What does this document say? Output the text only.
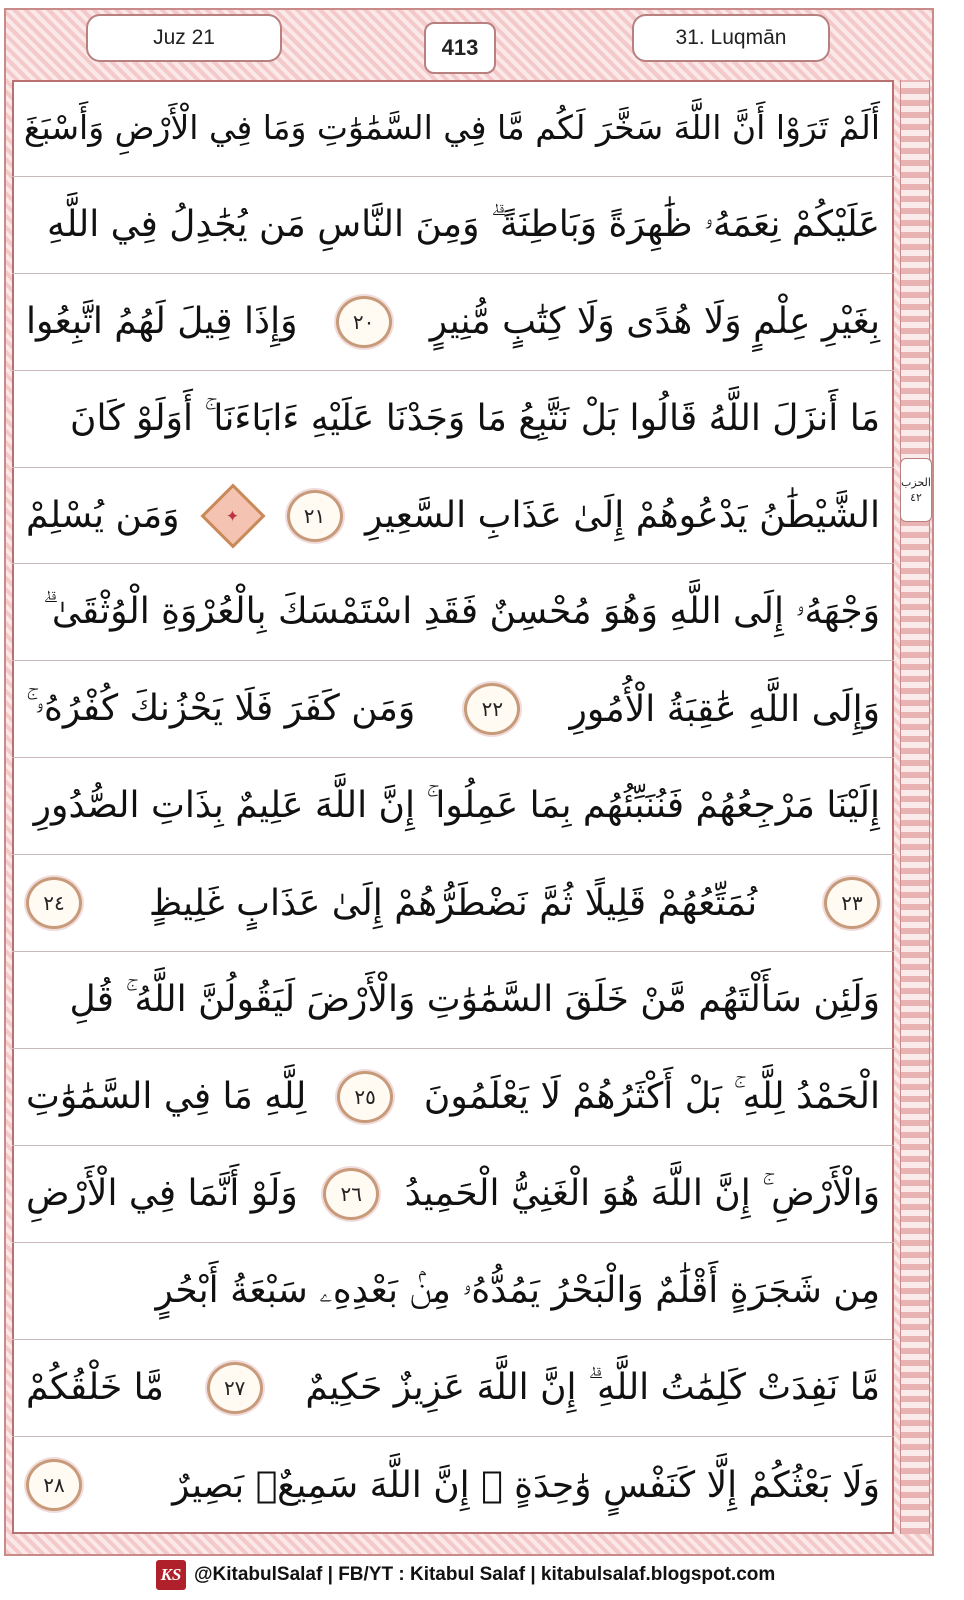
Juz 21	413	31. Luqmān
الحزب
٤٢
أَلَمْ تَرَوْا أَنَّ اللَّهَ سَخَّرَ لَكُم مَّا فِي السَّمَٰوَٰتِ وَمَا فِي الْأَرْضِ وَأَسْبَغَ
عَلَيْكُمْ نِعَمَهُۥ ظَٰهِرَةً وَبَاطِنَةً ۗ وَمِنَ النَّاسِ مَن يُجَٰدِلُ فِي اللَّهِ
بِغَيْرِ عِلْمٍ وَلَا هُدًى وَلَا كِتَٰبٍ مُّنِيرٍ
٢٠
وَإِذَا قِيلَ لَهُمُ اتَّبِعُوا
مَا أَنزَلَ اللَّهُ قَالُوا بَلْ نَتَّبِعُ مَا وَجَدْنَا عَلَيْهِ ءَابَاءَنَا ۚ أَوَلَوْ كَانَ
الشَّيْطَٰنُ يَدْعُوهُمْ إِلَىٰ عَذَابِ السَّعِيرِ
٢١
✦
وَمَن يُسْلِمْ
وَجْهَهُۥ إِلَى اللَّهِ وَهُوَ مُحْسِنٌ فَقَدِ اسْتَمْسَكَ بِالْعُرْوَةِ الْوُثْقَىٰ ۗ
وَإِلَى اللَّهِ عَٰقِبَةُ الْأُمُورِ
٢٢
وَمَن كَفَرَ فَلَا يَحْزُنكَ كُفْرُهُۥ ۚ
إِلَيْنَا مَرْجِعُهُمْ فَنُنَبِّئُهُم بِمَا عَمِلُوا ۚ إِنَّ اللَّهَ عَلِيمٌ بِذَاتِ الصُّدُورِ
٢٣
نُمَتِّعُهُمْ قَلِيلًا ثُمَّ نَضْطَرُّهُمْ إِلَىٰ عَذَابٍ غَلِيظٍ
٢٤
وَلَئِن سَأَلْتَهُم مَّنْ خَلَقَ السَّمَٰوَٰتِ وَالْأَرْضَ لَيَقُولُنَّ اللَّهُ ۚ قُلِ
الْحَمْدُ لِلَّهِ ۚ بَلْ أَكْثَرُهُمْ لَا يَعْلَمُونَ
٢٥
لِلَّهِ مَا فِي السَّمَٰوَٰتِ
وَالْأَرْضِ ۚ إِنَّ اللَّهَ هُوَ الْغَنِيُّ الْحَمِيدُ
٢٦
وَلَوْ أَنَّمَا فِي الْأَرْضِ
مِن شَجَرَةٍ أَقْلَٰمٌ وَالْبَحْرُ يَمُدُّهُۥ مِنۢ بَعْدِهِۦ سَبْعَةُ أَبْحُرٍ
مَّا نَفِدَتْ كَلِمَٰتُ اللَّهِ ۗ إِنَّ اللَّهَ عَزِيزٌ حَكِيمٌ
٢٧
مَّا خَلْقُكُمْ
وَلَا بَعْثُكُمْ إِلَّا كَنَفْسٍ وَٰحِدَةٍ ۗ إِنَّ اللَّهَ سَمِيعٌۢ بَصِيرٌ
٢٨
KS @KitabulSalaf | FB/YT : Kitabul Salaf | kitabulsalaf.blogspot.com
